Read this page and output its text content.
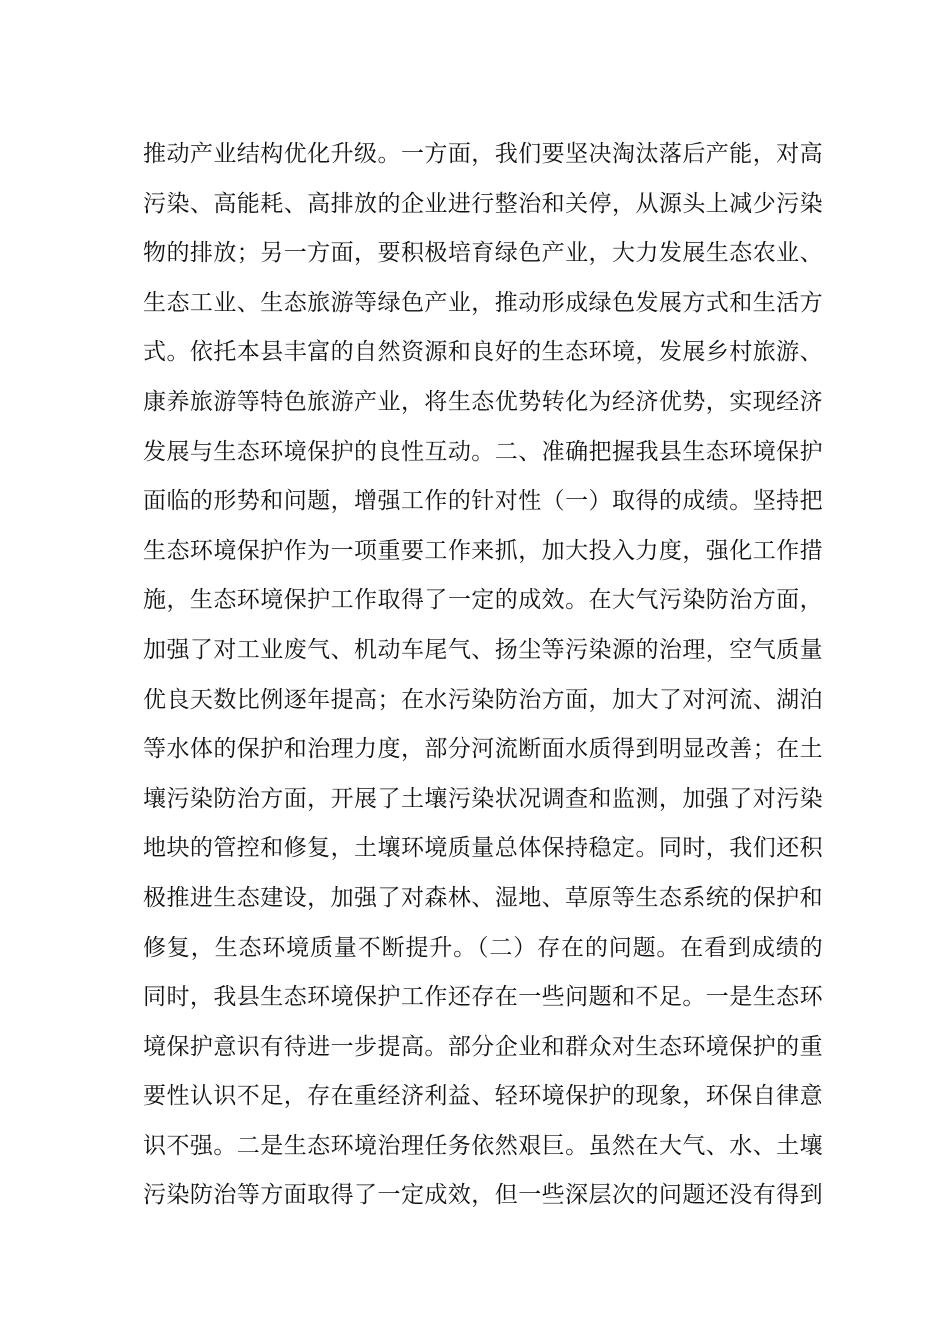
推动产业结构优化升级。一方面，我们要坚决淘汰落后产能，对高
污染、高能耗、高排放的企业进行整治和关停，从源头上减少污染
物的排放；另一方面，要积极培育绿色产业，大力发展生态农业、
生态工业、生态旅游等绿色产业，推动形成绿色发展方式和生活方
式。依托本县丰富的自然资源和良好的生态环境，发展乡村旅游、
康养旅游等特色旅游产业，将生态优势转化为经济优势，实现经济
发展与生态环境保护的良性互动。二、准确把握我县生态环境保护
面临的形势和问题，增强工作的针对性（一）取得的成绩。坚持把
生态环境保护作为一项重要工作来抓，加大投入力度，强化工作措
施，生态环境保护工作取得了一定的成效。在大气污染防治方面，
加强了对工业废气、机动车尾气、扬尘等污染源的治理，空气质量
优良天数比例逐年提高；在水污染防治方面，加大了对河流、湖泊
等水体的保护和治理力度，部分河流断面水质得到明显改善；在土
壤污染防治方面，开展了土壤污染状况调查和监测，加强了对污染
地块的管控和修复，土壤环境质量总体保持稳定。同时，我们还积
极推进生态建设，加强了对森林、湿地、草原等生态系统的保护和
修复，生态环境质量不断提升。（二）存在的问题。在看到成绩的
同时，我县生态环境保护工作还存在一些问题和不足。一是生态环
境保护意识有待进一步提高。部分企业和群众对生态环境保护的重
要性认识不足，存在重经济利益、轻环境保护的现象，环保自律意
识不强。二是生态环境治理任务依然艰巨。虽然在大气、水、土壤
污染防治等方面取得了一定成效，但一些深层次的问题还没有得到
